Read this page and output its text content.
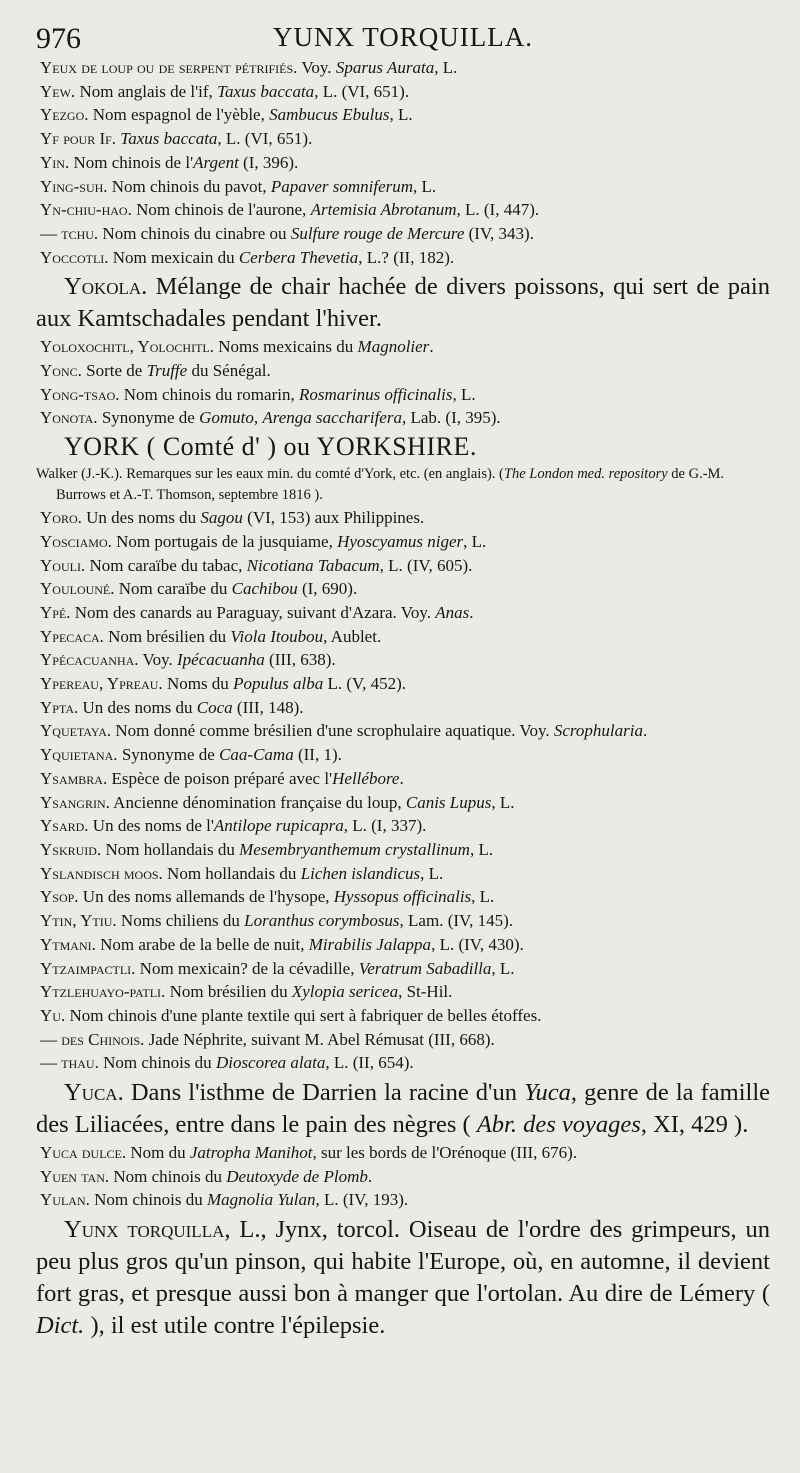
976	YUNX TORQUILLA.

Yeux de loup ou de serpent pétrifiés. Voy. Sparus Aurata, L.

Yew. Nom anglais de l'if, Taxus baccata, L. (VI, 651).

Yezgo. Nom espagnol de l'yèble, Sambucus Ebulus, L.

Yf pour If. Taxus baccata, L. (VI, 651).

Yin. Nom chinois de l'Argent (I, 396).

Ying-suh. Nom chinois du pavot, Papaver somniferum, L.

Yn-chiu-hao. Nom chinois de l'aurone, Artemisia Abrotanum, L. (I, 447).

— tchu. Nom chinois du cinabre ou Sulfure rouge de Mercure (IV, 343).

Yoccotli. Nom mexicain du Cerbera Thevetia, L.? (II, 182).

Yokola. Mélange de chair hachée de divers poissons, qui sert de pain aux Kamtschadales pendant l'hiver.

Yoloxochitl, Yolochitl. Noms mexicains du Magnolier.

Yonc. Sorte de Truffe du Sénégal.

Yong-tsao. Nom chinois du romarin, Rosmarinus officinalis, L.

Yonota. Synonyme de Gomuto, Arenga saccharifera, Lab. (I, 395).

YORK ( Comté d' ) ou YORKSHIRE.

Walker (J.-K.). Remarques sur les eaux min. du comté d'York, etc. (en anglais). (The London med. repository de G.-M. Burrows et A.-T. Thomson, septembre 1816 ).

Yoro. Un des noms du Sagou (VI, 153) aux Philippines.

Yosciamo. Nom portugais de la jusquiame, Hyoscyamus niger, L.

Youli. Nom caraïbe du tabac, Nicotiana Tabacum, L. (IV, 605).

Youlouné. Nom caraïbe du Cachibou (I, 690).

Ypé. Nom des canards au Paraguay, suivant d'Azara. Voy. Anas.

Ypecaca. Nom brésilien du Viola Itoubou, Aublet.

Ypécacuanha. Voy. Ipécacuanha (III, 638).

Ypereau, Ypreau. Noms du Populus alba L. (V, 452).

Ypta. Un des noms du Coca (III, 148).

Yquetaya. Nom donné comme brésilien d'une scrophulaire aquatique. Voy. Scrophularia.

Yquietana. Synonyme de Caa-Cama (II, 1).

Ysambra. Espèce de poison préparé avec l'Hellébore.

Ysangrin. Ancienne dénomination française du loup, Canis Lupus, L.

Ysard. Un des noms de l'Antilope rupicapra, L. (I, 337).

Yskruid. Nom hollandais du Mesembryanthemum crystallinum, L.

Yslandisch moos. Nom hollandais du Lichen islandicus, L.

Ysop. Un des noms allemands de l'hysope, Hyssopus officinalis, L.

Ytin, Ytiu. Noms chiliens du Loranthus corymbosus, Lam. (IV, 145).

Ytmani. Nom arabe de la belle de nuit, Mirabilis Jalappa, L. (IV, 430).

Ytzaimpactli. Nom mexicain? de la cévadille, Veratrum Sabadilla, L.

Ytzlehuayo-patli. Nom brésilien du Xylopia sericea, St-Hil.

Yu. Nom chinois d'une plante textile qui sert à fabriquer de belles étoffes.

— des Chinois. Jade Néphrite, suivant M. Abel Rémusat (III, 668).

— thau. Nom chinois du Dioscorea alata, L. (II, 654).

Yuca. Dans l'isthme de Darrien la racine d'un Yuca, genre de la famille des Liliacées, entre dans le pain des nègres ( Abr. des voyages, XI, 429 ).

Yuca dulce. Nom du Jatropha Manihot, sur les bords de l'Orénoque (III, 676).

Yuen tan. Nom chinois du Deutoxyde de Plomb.

Yulan. Nom chinois du Magnolia Yulan, L. (IV, 193).

Yunx torquilla, L., Jynx, torcol. Oiseau de l'ordre des grimpeurs, un peu plus gros qu'un pinson, qui habite l'Europe, où, en automne, il devient fort gras, et presque aussi bon à manger que l'ortolan. Au dire de Lémery ( Dict. ), il est utile contre l'épilepsie.
